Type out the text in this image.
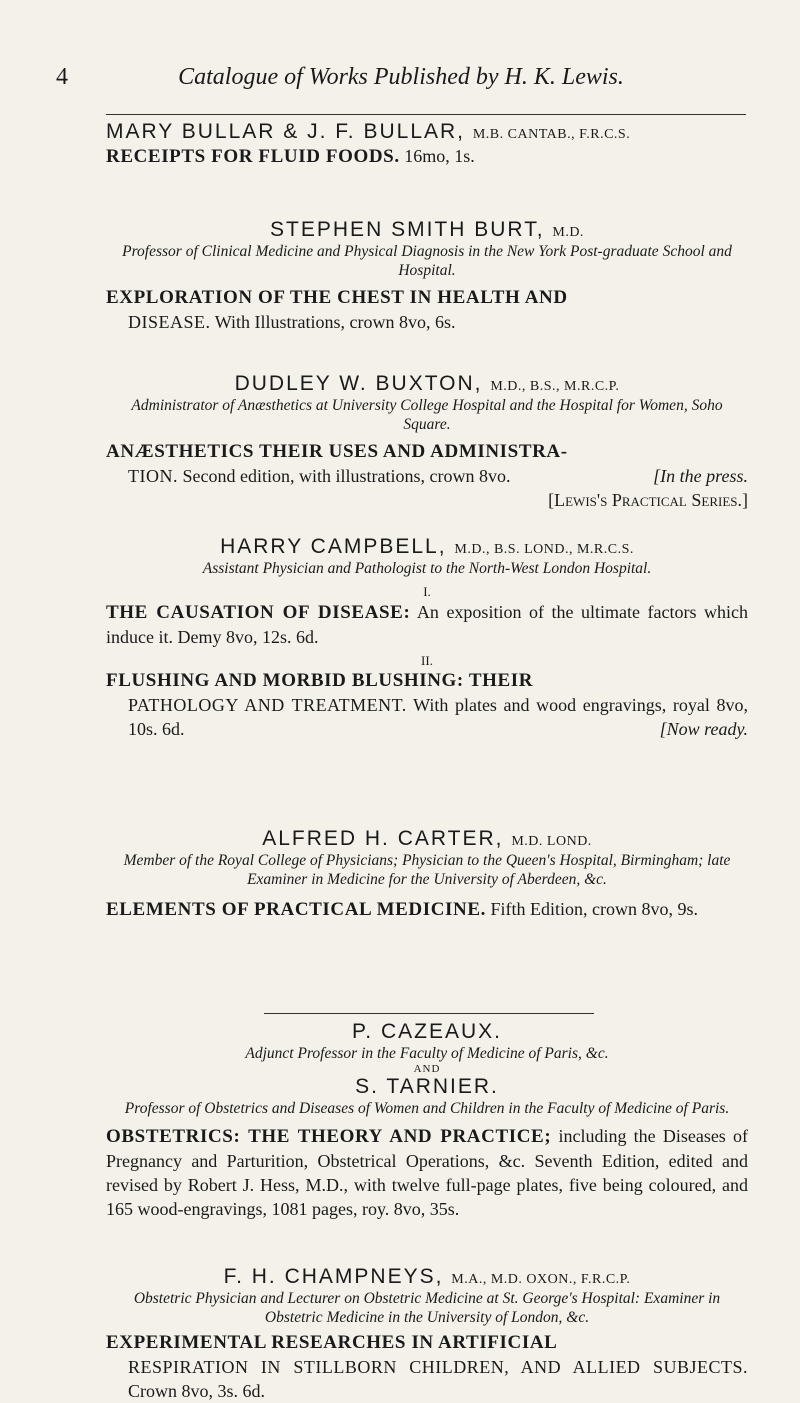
4	Catalogue of Works Published by H. K. Lewis.
MARY BULLAR & J. F. BULLAR, M.B. CANTAB., F.R.C.S.
RECEIPTS FOR FLUID FOODS. 16mo, 1s.
STEPHEN SMITH BURT, M.D.
Professor of Clinical Medicine and Physical Diagnosis in the New York Post-graduate School and Hospital.
EXPLORATION OF THE CHEST IN HEALTH AND
DISEASE. With Illustrations, crown 8vo, 6s.
DUDLEY W. BUXTON, M.D., B.S., M.R.C.P.
Administrator of Anæsthetics at University College Hospital and the Hospital for Women, Soho Square.
ANÆSTHETICS THEIR USES AND ADMINISTRA-
TION. Second edition, with illustrations, crown 8vo.	[In the press.
[Lewis's Practical Series.]
HARRY CAMPBELL, M.D., B.S. LOND., M.R.C.S.
Assistant Physician and Pathologist to the North-West London Hospital.
I.
THE CAUSATION OF DISEASE: An exposition of the ultimate factors which induce it. Demy 8vo, 12s. 6d.
II.
FLUSHING AND MORBID BLUSHING: THEIR
PATHOLOGY AND TREATMENT. With plates and wood engravings, royal 8vo, 10s. 6d.	[Now ready.
ALFRED H. CARTER, M.D. LOND.
Member of the Royal College of Physicians; Physician to the Queen's Hospital, Birmingham; late Examiner in Medicine for the University of Aberdeen, &c.
ELEMENTS OF PRACTICAL MEDICINE. Fifth Edition, crown 8vo, 9s.
P. CAZEAUX.
Adjunct Professor in the Faculty of Medicine of Paris, &c.
AND
S. TARNIER.
Professor of Obstetrics and Diseases of Women and Children in the Faculty of Medicine of Paris.
OBSTETRICS: THE THEORY AND PRACTICE; including the Diseases of Pregnancy and Parturition, Obstetrical Operations, &c. Seventh Edition, edited and revised by Robert J. Hess, M.D., with twelve full-page plates, five being coloured, and 165 wood-engravings, 1081 pages, roy. 8vo, 35s.
F. H. CHAMPNEYS, M.A., M.D. OXON., F.R.C.P.
Obstetric Physician and Lecturer on Obstetric Medicine at St. George's Hospital: Examiner in Obstetric Medicine in the University of London, &c.
EXPERIMENTAL RESEARCHES IN ARTIFICIAL
RESPIRATION IN STILLBORN CHILDREN, AND ALLIED SUBJECTS. Crown 8vo, 3s. 6d.
